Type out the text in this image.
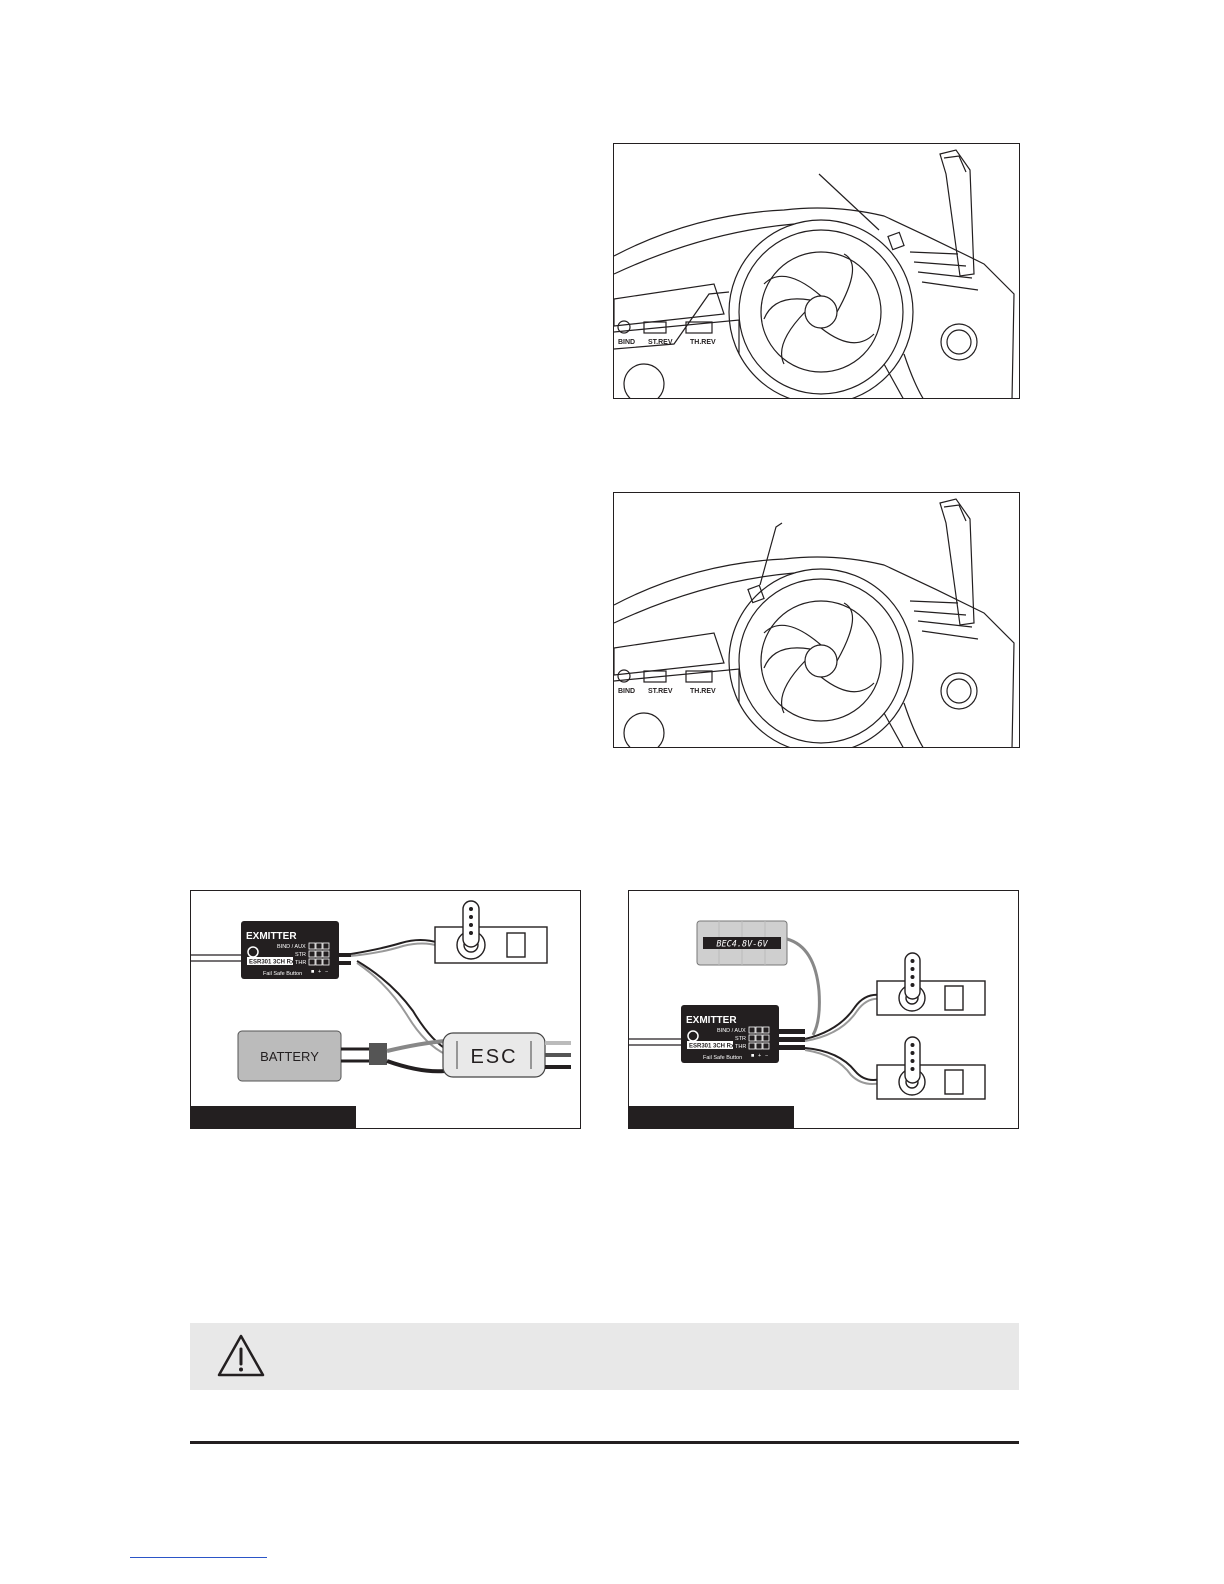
BIND ST.REV TH.REV
BIND ST.REV TH.REV
EXMITTER
BIND / AUX
STR
THR
■ + −
Fail Safe Button
ESR301 3CH Rx
BATTERY	ESC
BEC4.8V-6V
EXMITTER
BIND / AUX
STR
THR
■ + −
Fail Safe Button
ESR301 3CH Rx
